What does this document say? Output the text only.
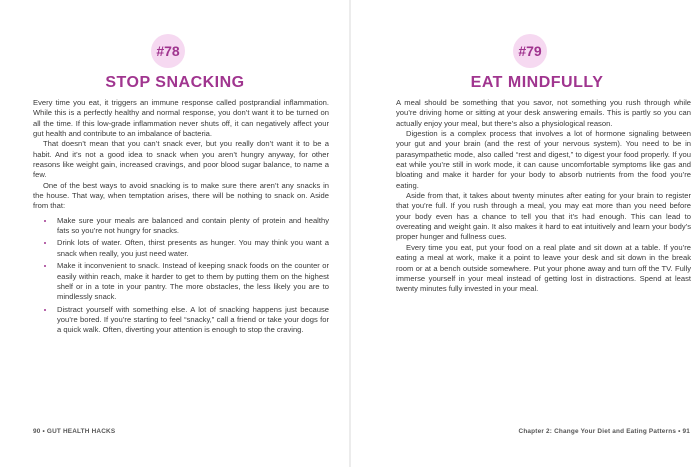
#78
STOP SNACKING

Every time you eat, it triggers an immune response called postprandial inflammation. While this is a perfectly healthy and normal response, you don’t want it to be turned on all the time. If this low-grade inflammation never shuts off, it can negatively affect your gut health and contribute to an imbalance of bacteria.

That doesn’t mean that you can’t snack ever, but you really don’t want it to be a habit. And it’s not a good idea to snack when you aren’t hungry anyway, for other reasons like weight gain, increased cravings, and poor blood sugar balance, to name a few.

One of the best ways to avoid snacking is to make sure there aren’t any snacks in the house. That way, when temptation arises, there will be nothing to snack on. Aside from that:

• Make sure your meals are balanced and contain plenty of protein and healthy fats so you’re not hungry for snacks.
• Drink lots of water. Often, thirst presents as hunger. You may think you want a snack when really, you just need water.
• Make it inconvenient to snack. Instead of keeping snack foods on the counter or easily within reach, make it harder to get to them by putting them on the highest shelf or in a tote in your pantry. The more obstacles, the less likely you are to mindlessly snack.
• Distract yourself with something else. A lot of snacking happens just because you’re bored. If you’re starting to feel “snacky,” call a friend or take your dogs for a quick walk. Often, diverting your attention is enough to stop the craving.
90 • GUT HEALTH HACKS
#79
EAT MINDFULLY

A meal should be something that you savor, not something you rush through while you’re driving home or sitting at your desk answering emails. This is partly so you can actually enjoy your meal, but there’s also a physiological reason.

Digestion is a complex process that involves a lot of hormone signaling between your gut and your brain (and the rest of your nervous system). You need to be in parasympathetic mode, also called “rest and digest,” to digest your food properly. If you eat while you’re still in work mode, it can cause uncomfortable symptoms like gas and bloating and make it harder for your body to absorb nutrients from the food you’re eating.

Aside from that, it takes about twenty minutes after eating for your brain to register that you’re full. If you rush through a meal, you may eat more than you need before your body even has a chance to tell you that it’s had enough. This can lead to overeating and weight gain. It also makes it hard to eat intuitively and learn your body’s proper hunger and fullness cues.

Every time you eat, put your food on a real plate and sit down at a table. If you’re eating a meal at work, make it a point to leave your desk and sit down in the break room or at a bench outside somewhere. Put your phone away and turn off the TV. Fully immerse yourself in your meal instead of getting lost in distractions. Spend at least twenty minutes fully invested in your meal.

Chapter 2: Change Your Diet and Eating Patterns • 91
